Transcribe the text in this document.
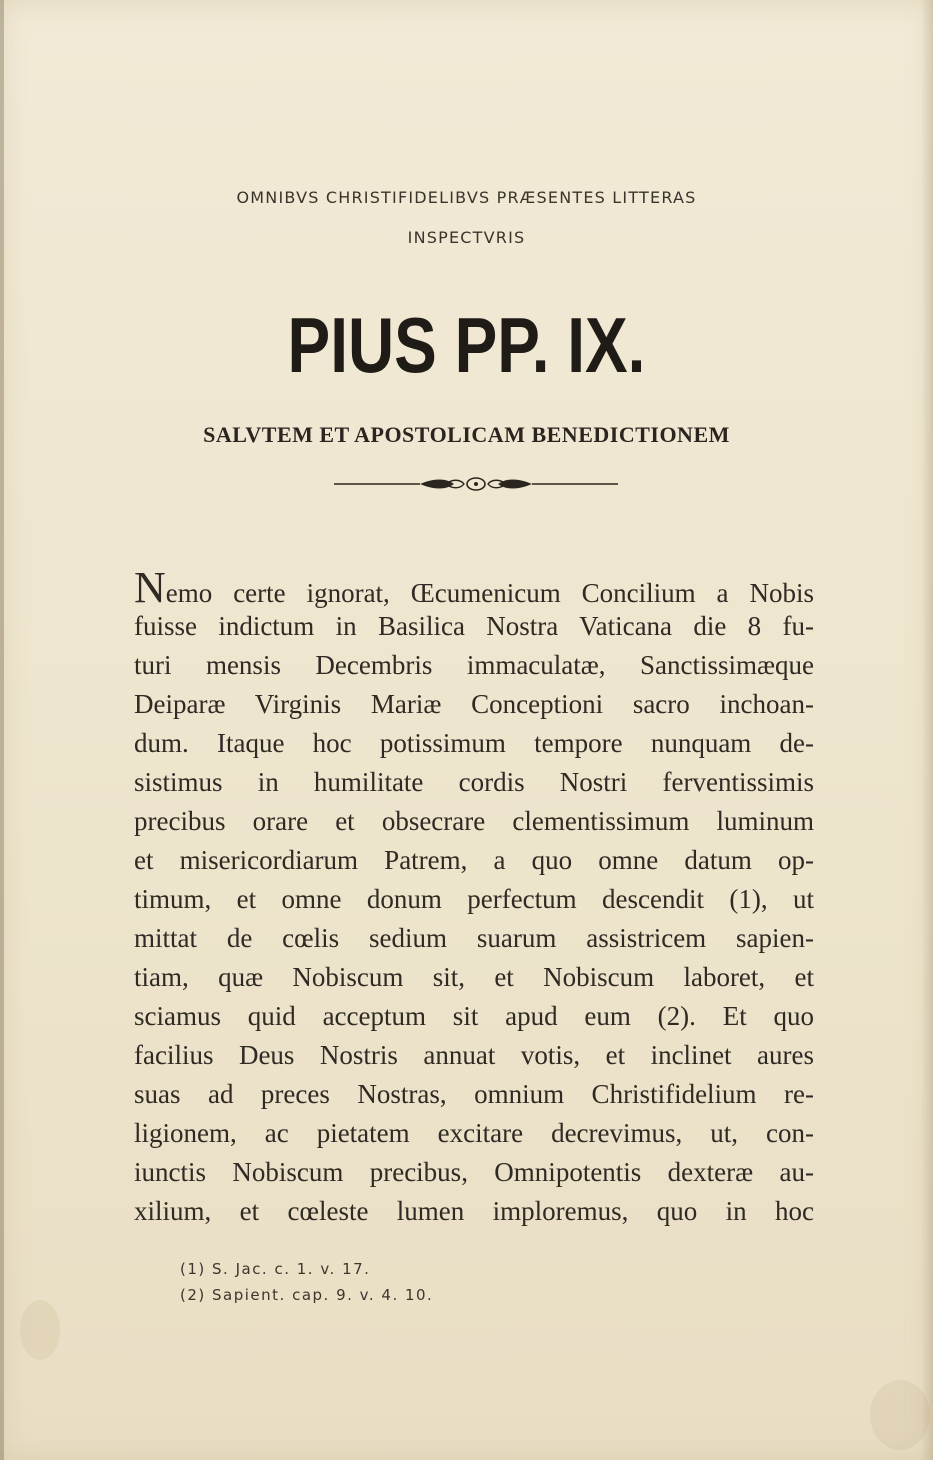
OMNIBVS CHRISTIFIDELIBVS PRÆSENTES LITTERAS
INSPECTVRIS
PIUS PP. IX.
SALVTEM ET APOSTOLICAM BENEDICTIONEM
Nemo certe ignorat, Œcumenicum Concilium a Nobis
fuisse indictum in Basilica Nostra Vaticana die 8 fu-
turi mensis Decembris immaculatæ, Sanctissimæque
Deiparæ Virginis Mariæ Conceptioni sacro inchoan-
dum. Itaque hoc potissimum tempore nunquam de-
sistimus in humilitate cordis Nostri ferventissimis
precibus orare et obsecrare clementissimum luminum
et misericordiarum Patrem, a quo omne datum op-
timum, et omne donum perfectum descendit (1), ut
mittat de cœlis sedium suarum assistricem sapien-
tiam, quæ Nobiscum sit, et Nobiscum laboret, et
sciamus quid acceptum sit apud eum (2). Et quo
facilius Deus Nostris annuat votis, et inclinet aures
suas ad preces Nostras, omnium Christifidelium re-
ligionem, ac pietatem excitare decrevimus, ut, con-
iunctis Nobiscum precibus, Omnipotentis dexteræ au-
xilium, et cœleste lumen imploremus, quo in hoc
(1) S. Jac. c. 1. v. 17.
(2) Sapient. cap. 9. v. 4. 10.
